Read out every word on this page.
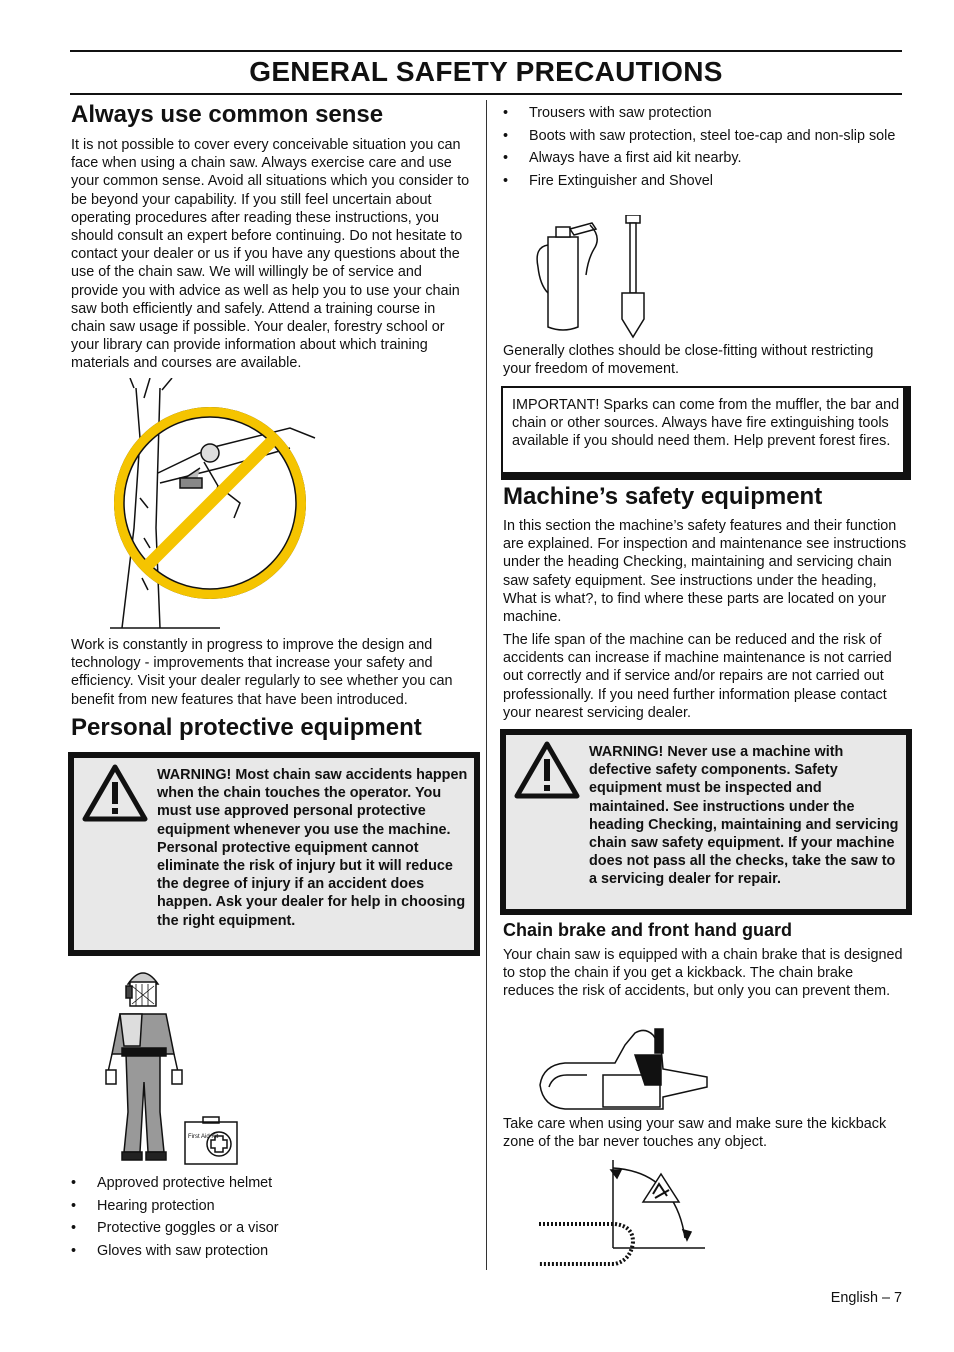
GENERAL SAFETY PRECAUTIONS
Always use common sense

It is not possible to cover every conceivable situation you can face when using a chain saw. Always exercise care and use your common sense. Avoid all situations which you consider to be beyond your capability. If you still feel uncertain about operating procedures after reading these instructions, you should consult an expert before continuing. Do not hesitate to contact your dealer or us if you have any questions about the use of the chain saw. We will willingly be of service and provide you with advice as well as help you to use your chain saw both efficiently and safely. Attend a training course in chain saw usage if possible. Your dealer, forestry school or your library can provide information about which training materials and courses are available.

Work is constantly in progress to improve the design and technology - improvements that increase your safety and efficiency. Visit your dealer regularly to see whether you can benefit from new features that have been introduced.

Personal protective equipment

WARNING! Most chain saw accidents happen when the chain touches the operator. You must use approved personal protective equipment whenever you use the machine. Personal protective equipment cannot eliminate the risk of injury but it will reduce the degree of injury if an accident does happen. Ask your dealer for help in choosing the right equipment.

First Aid Kit
• Approved protective helmet
• Hearing protection
• Protective goggles or a visor
• Gloves with saw protection
• Trousers with saw protection
• Boots with saw protection, steel toe-cap and non-slip sole
• Always have a first aid kit nearby.
• Fire Extinguisher and Shovel

Generally clothes should be close-fitting without restricting your freedom of movement.

IMPORTANT! Sparks can come from the muffler, the bar and chain or other sources. Always have fire extinguishing tools available if you should need them. Help prevent forest fires.

Machine’s safety equipment

In this section the machine’s safety features and their function are explained. For inspection and maintenance see instructions under the heading Checking, maintaining and servicing chain saw safety equipment. See instructions under the heading, What is what?, to find where these parts are located on your machine.

The life span of the machine can be reduced and the risk of accidents can increase if machine maintenance is not carried out correctly and if service and/or repairs are not carried out professionally. If you need further information please contact your nearest servicing dealer.

WARNING! Never use a machine with defective safety components. Safety equipment must be inspected and maintained. See instructions under the heading Checking, maintaining and servicing chain saw safety equipment. If your machine does not pass all the checks, take the saw to a servicing dealer for repair.

Chain brake and front hand guard

Your chain saw is equipped with a chain brake that is designed to stop the chain if you get a kickback. The chain brake reduces the risk of accidents, but only you can prevent them.

Take care when using your saw and make sure the kickback zone of the bar never touches any object.

English – 7
